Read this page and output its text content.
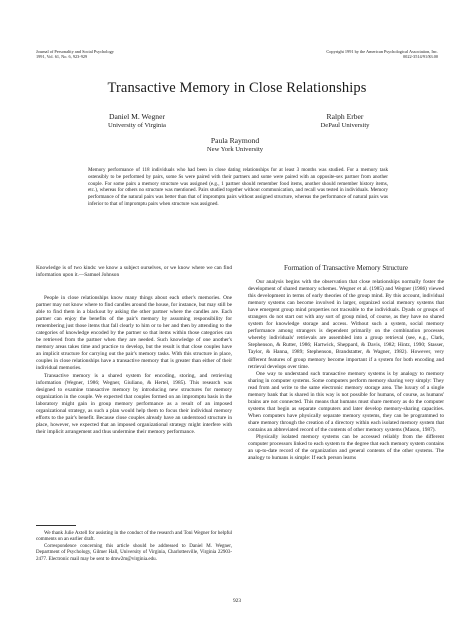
Journal of Personality and Social Psychology
1991, Vol. 61, No. 6, 923-929
Copyright 1991 by the American Psychological Association, Inc.
0022-3514/91/$3.00
Transactive Memory in Close Relationships
Daniel M. Wegner
University of Virginia
Ralph Erber
DePaul University
Paula Raymond
New York University
Memory performance of 118 individuals who had been in close dating relationships for at least 3 months was studied. For a memory task ostensibly to be performed by pairs, some Ss were paired with their partners and some were paired with an opposite-sex partner from another couple. For some pairs a memory structure was assigned (e.g., 1 partner should remember food items, another should remember history items, etc.), whereas for others no structure was mentioned. Pairs studied together without communication, and recall was tested in individuals. Memory performance of the natural pairs was better than that of impromptu pairs without assigned structure, whereas the performance of natural pairs was inferior to that of impromptu pairs when structure was assigned.

Knowledge is of two kinds: we know a subject ourselves, or we know where we can find information upon it.—Samuel Johnson

People in close relationships know many things about each other's memories. One partner may not know where to find candles around the house, for instance, but may still be able to find them in a blackout by asking the other partner where the candles are. Each partner can enjoy the benefits of the pair's memory by assuming responsibility for remembering just those items that fall clearly to him or to her and then by attending to the categories of knowledge encoded by the partner so that items within those categories can be retrieved from the partner when they are needed. Such knowledge of one another's memory areas takes time and practice to develop, but the result is that close couples have an implicit structure for carrying out the pair's memory tasks. With this structure in place, couples in close relationships have a transactive memory that is greater than either of their individual memories.

Transactive memory is a shared system for encoding, storing, and retrieving information (Wegner, 1986; Wegner, Giuliano, & Hertel, 1985). This research was designed to examine transactive memory by introducing new structures for memory organization in the couple. We expected that couples formed on an impromptu basis in the laboratory might gain in group memory performance as a result of an imposed organizational strategy, as such a plan would help them to focus their individual memory efforts to the pair's benefit. Because close couples already have an understood structure in place, however, we expected that an imposed organizational strategy might interfere with their implicit arrangement and thus undermine their memory performance.

Formation of Transactive Memory Structure

Our analysis begins with the observation that close relationships normally foster the development of shared memory schemes. Wegner et al. (1985) and Wegner (1986) viewed this development in terms of early theories of the group mind. By this account, individual memory systems can become involved in larger, organized social memory systems that have emergent group mind properties not traceable to the individuals. Dyads or groups of strangers do not start out with any sort of group mind, of course, as they have no shared system for knowledge storage and access. Without such a system, social memory performance among strangers is dependent primarily on the combination processes whereby individuals' retrievals are assembled into a group retrieval (see, e.g., Clark, Stephenson, & Rutter, 1986; Hartwick, Sheppard, & Davis, 1982; Hintz, 1990; Stasser, Taylor, & Hanna, 1989; Stephenson, Brandstatter, & Wagner, 1982). However, very different features of group memory become important if a system for both encoding and retrieval develops over time.

One way to understand such transactive memory systems is by analogy to memory sharing in computer systems. Some computers perform memory sharing very simply: They read from and write to the same electronic memory storage area. The luxury of a single memory bank that is shared in this way is not possible for humans, of course, as humans' brains are not connected. This means that humans must share memory as do the computer systems that begin as separate computers and later develop memory-sharing capacities. When computers have physically separate memory systems, they can be programmed to share memory through the creation of a directory within each isolated memory system that contains an abbreviated record of the contents of other memory systems (Mason, 1987).

Physically isolated memory systems can be accessed reliably from the different computer processors linked to each system to the degree that each memory system contains an up-to-date record of the organization and general contents of the other systems. The analogy to humans is simple: If each person learns

We thank Julie Axtell for assisting in the conduct of the research and Toni Wegner for helpful comments on an earlier draft.

Correspondence concerning this article should be addressed to Daniel M. Wegner, Department of Psychology, Gilmer Hall, University of Virginia, Charlottesville, Virginia 22903-2477. Electronic mail may be sent to dmw2m@virginia.edu.

923
